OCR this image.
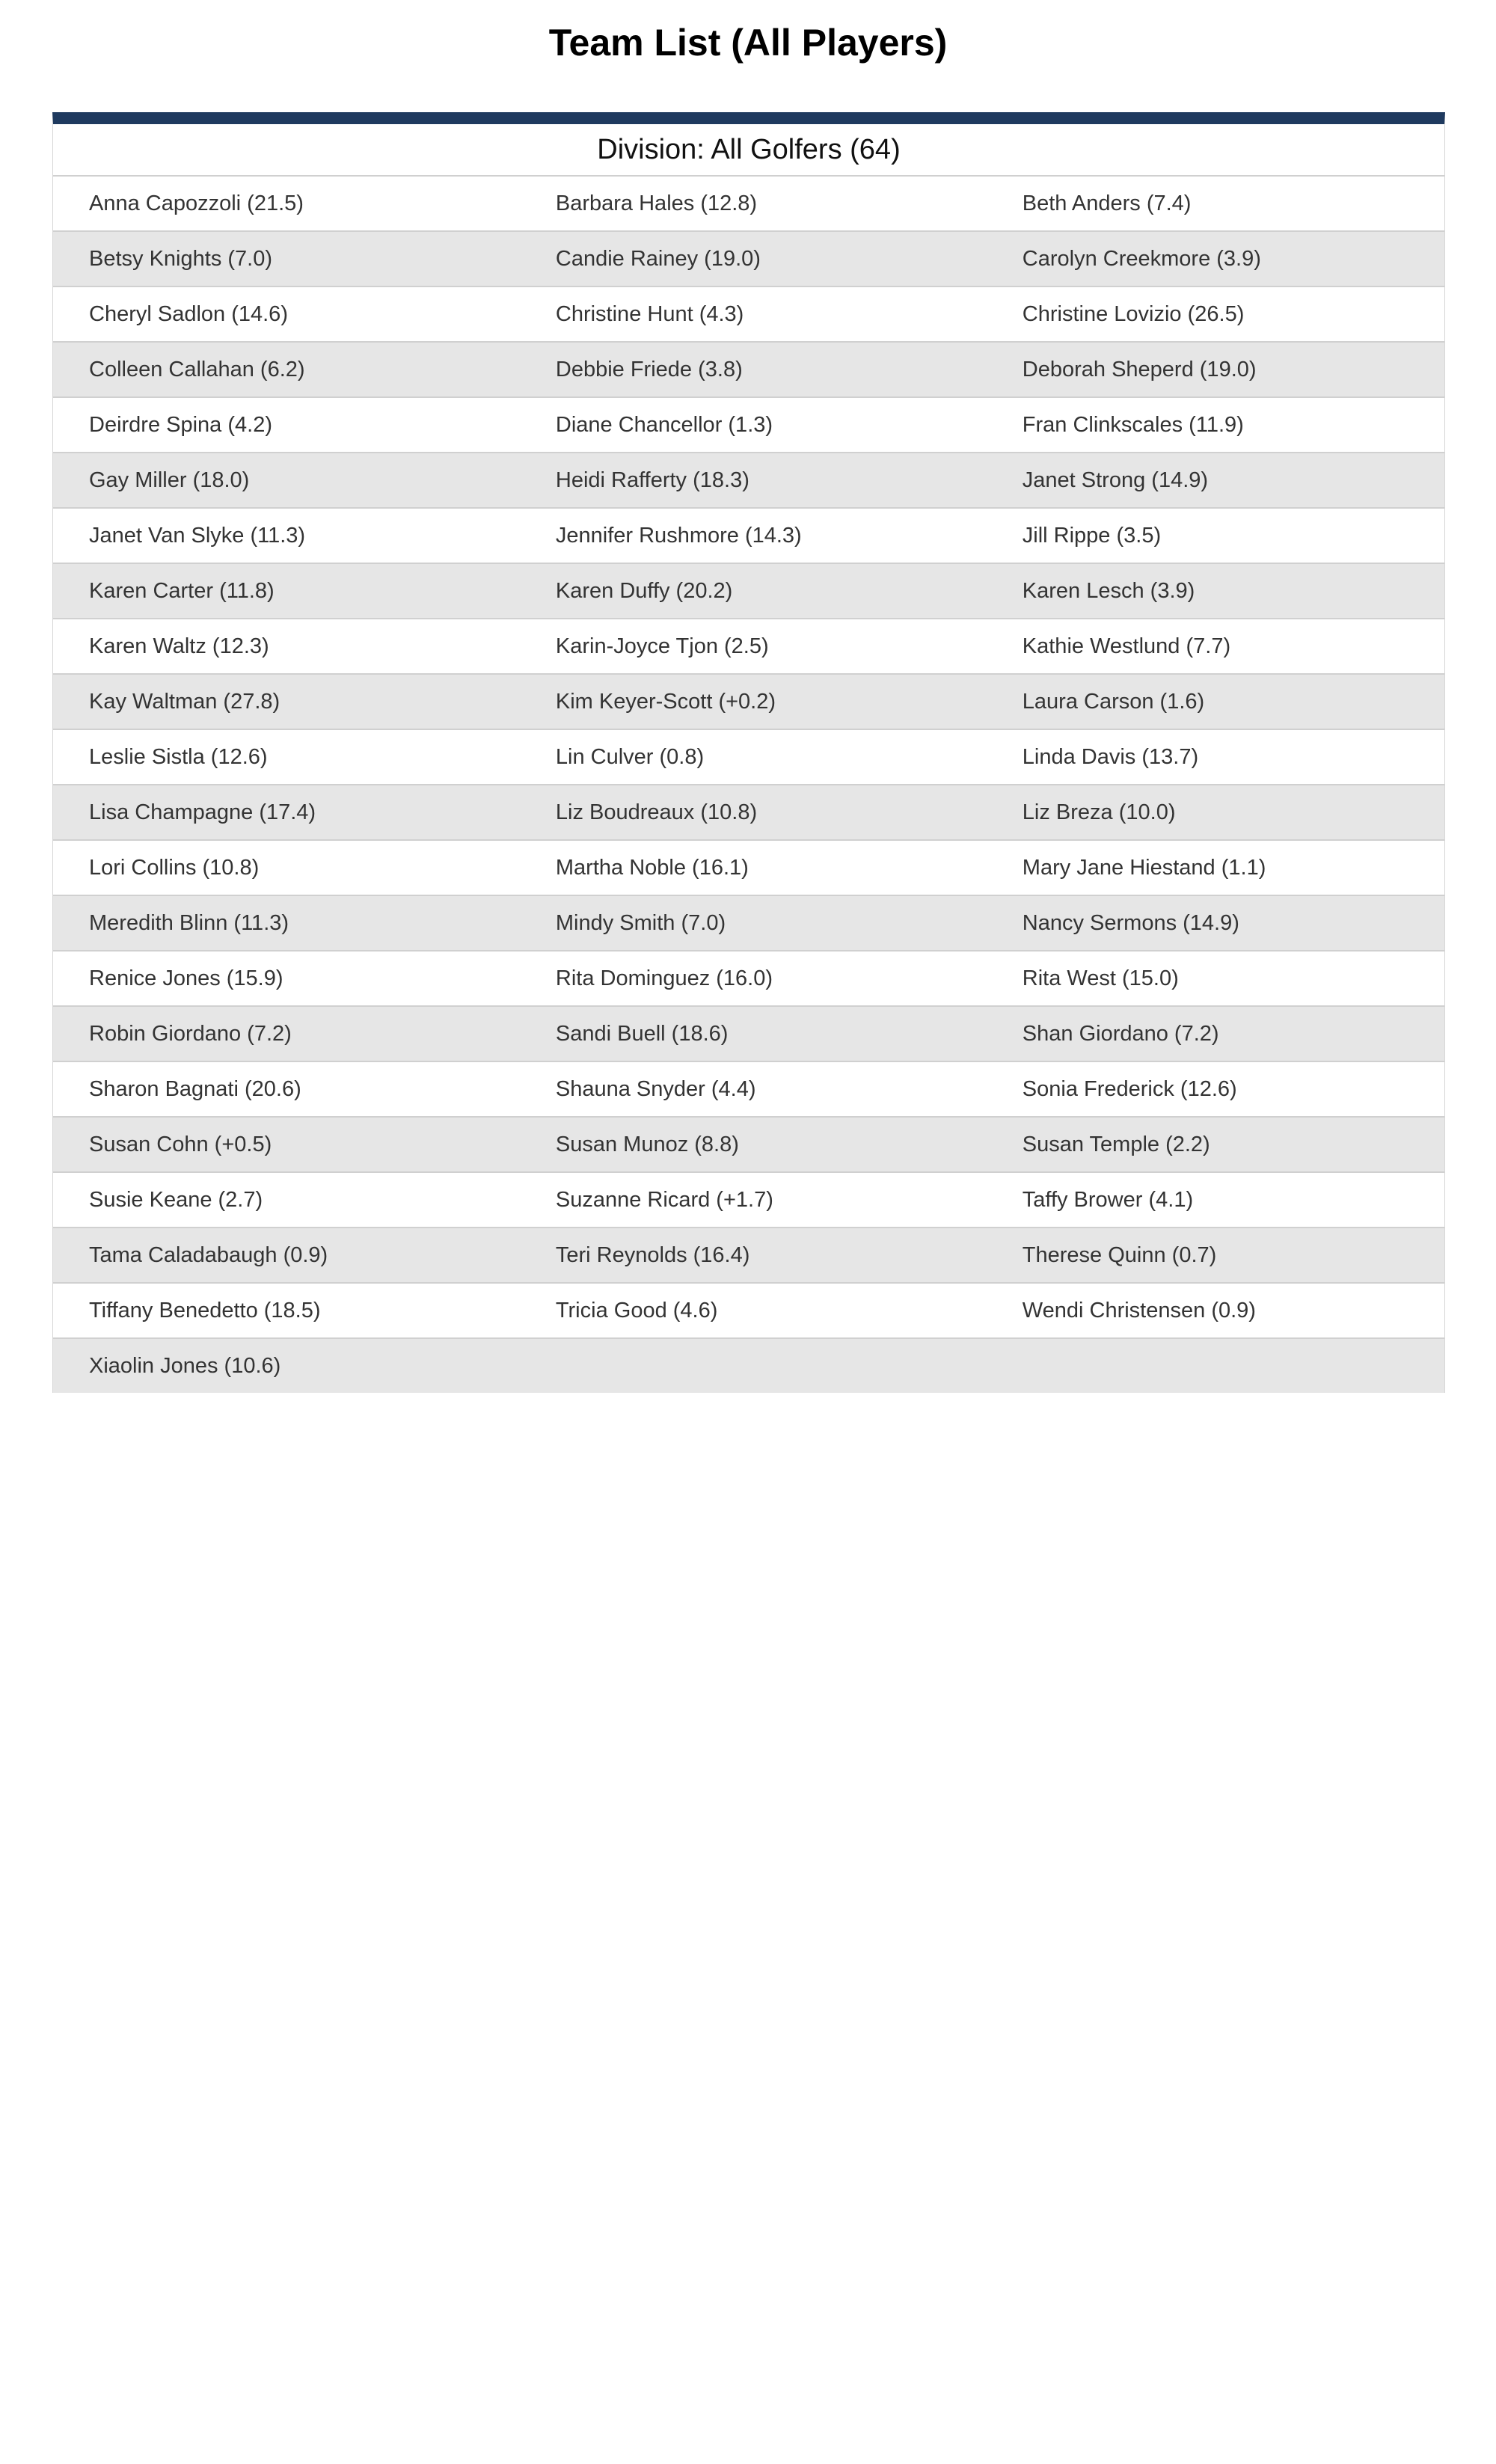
Team List (All Players)
Division: All Golfers (64)
Anna Capozzoli (21.5)	Barbara Hales (12.8)	Beth Anders (7.4)
Betsy Knights (7.0)	Candie Rainey (19.0)	Carolyn Creekmore (3.9)
Cheryl Sadlon (14.6)	Christine Hunt (4.3)	Christine Lovizio (26.5)
Colleen Callahan (6.2)	Debbie Friede (3.8)	Deborah Sheperd (19.0)
Deirdre Spina (4.2)	Diane Chancellor (1.3)	Fran Clinkscales (11.9)
Gay Miller (18.0)	Heidi Rafferty (18.3)	Janet Strong (14.9)
Janet Van Slyke (11.3)	Jennifer Rushmore (14.3)	Jill Rippe (3.5)
Karen Carter (11.8)	Karen Duffy (20.2)	Karen Lesch (3.9)
Karen Waltz (12.3)	Karin-Joyce Tjon (2.5)	Kathie Westlund (7.7)
Kay Waltman (27.8)	Kim Keyer-Scott (+0.2)	Laura Carson (1.6)
Leslie Sistla (12.6)	Lin Culver (0.8)	Linda Davis (13.7)
Lisa Champagne (17.4)	Liz Boudreaux (10.8)	Liz Breza (10.0)
Lori Collins (10.8)	Martha Noble (16.1)	Mary Jane Hiestand (1.1)
Meredith Blinn (11.3)	Mindy Smith (7.0)	Nancy Sermons (14.9)
Renice Jones (15.9)	Rita Dominguez (16.0)	Rita West (15.0)
Robin Giordano (7.2)	Sandi Buell (18.6)	Shan Giordano (7.2)
Sharon Bagnati (20.6)	Shauna Snyder (4.4)	Sonia Frederick (12.6)
Susan Cohn (+0.5)	Susan Munoz (8.8)	Susan Temple (2.2)
Susie Keane (2.7)	Suzanne Ricard (+1.7)	Taffy Brower (4.1)
Tama Caladabaugh (0.9)	Teri Reynolds (16.4)	Therese Quinn (0.7)
Tiffany Benedetto (18.5)	Tricia Good (4.6)	Wendi Christensen (0.9)
Xiaolin Jones (10.6)
